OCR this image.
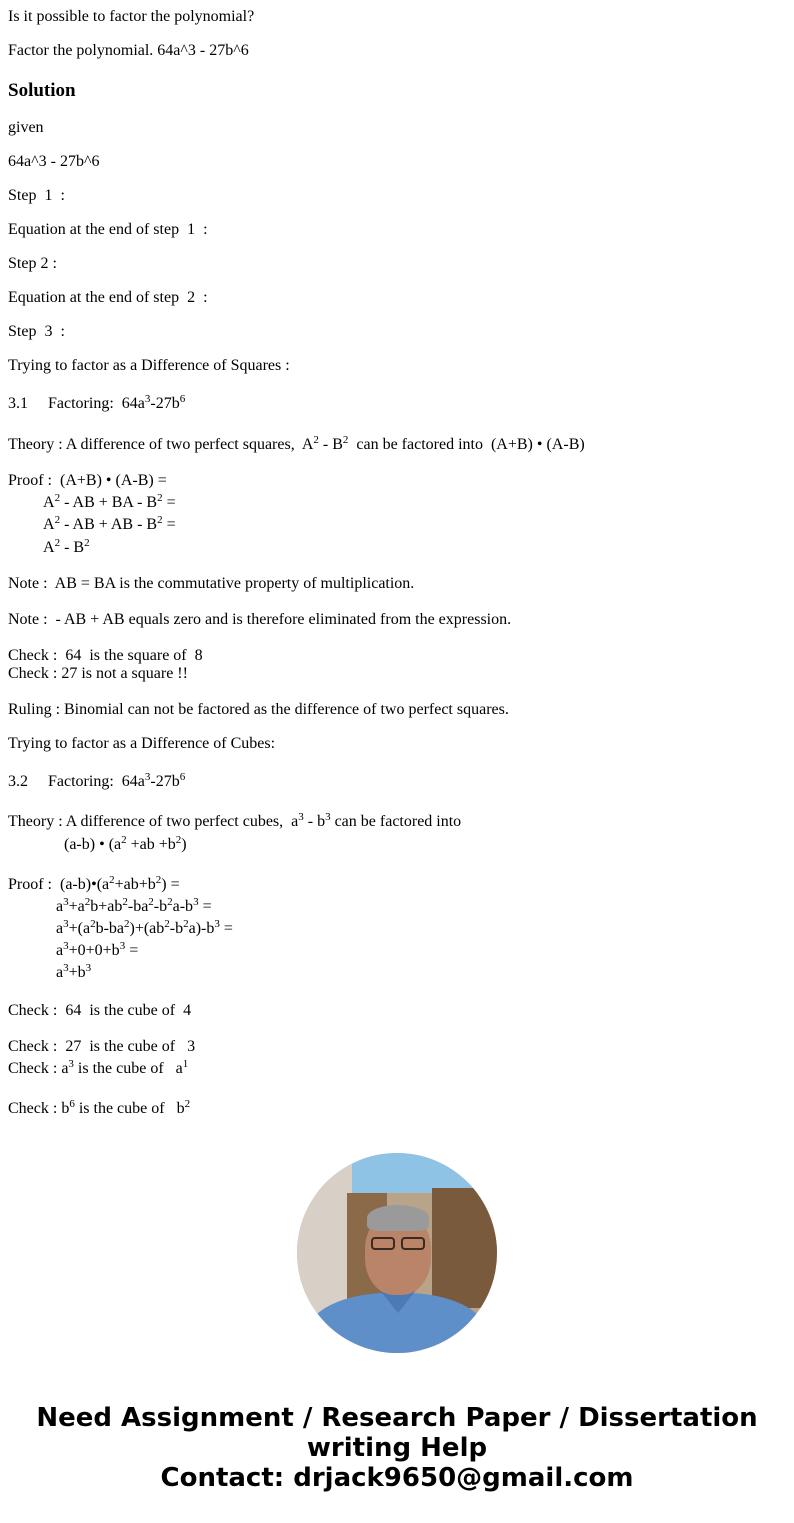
Is it possible to factor the polynomial?
Factor the polynomial. 64a^3 - 27b^6
Solution
given
64a^3 - 27b^6
Step  1  :
Equation at the end of step  1  :
Step 2 :
Equation at the end of step  2  :
Step  3  :
Trying to factor as a Difference of Squares :
3.1 Factoring:  $64a^3-27b^6$
Theory : A difference of two perfect squares,  $A^2 - B^2$  can be factored into  (A+B) • (A-B)
Proof :  (A+B) • (A-B) =
$A^2$ - AB + BA - $B^2$ =
$A^2$ - AB + AB - $B^2$ =
$A^2 - B^2$
Note :  AB = BA is the commutative property of multiplication.
Note :  - AB + AB equals zero and is therefore eliminated from the expression.
Check :  64  is the square of  8
Check : 27 is not a square !!
Ruling : Binomial can not be factored as the difference of two perfect squares.
Trying to factor as a Difference of Cubes:
3.2 Factoring:  $64a^3-27b^6$
Theory : A difference of two perfect cubes,  $a^3 - b^3$ can be factored into
(a-b) • $(a^2 +ab +b^2)$
Proof :  $(a-b)•(a^2+ab+b^2)$ =
$a^3+a^2b+ab^2-ba^2-b^2a-b^3$ =
$a^3+(a^2b-ba^2)+(ab^2-b^2a)-b^3$ =
$a^3+0+0+b^3$ =
$a^3+b^3$
Check :  64  is the cube of  4
Check :  27  is the cube of   3
Check : $a^3$ is the cube of   $a^1$
Check : $b^6$ is the cube of   $b^2$
Need Assignment / Research Paper / Dissertation
writing Help
Contact: drjack9650@gmail.com
